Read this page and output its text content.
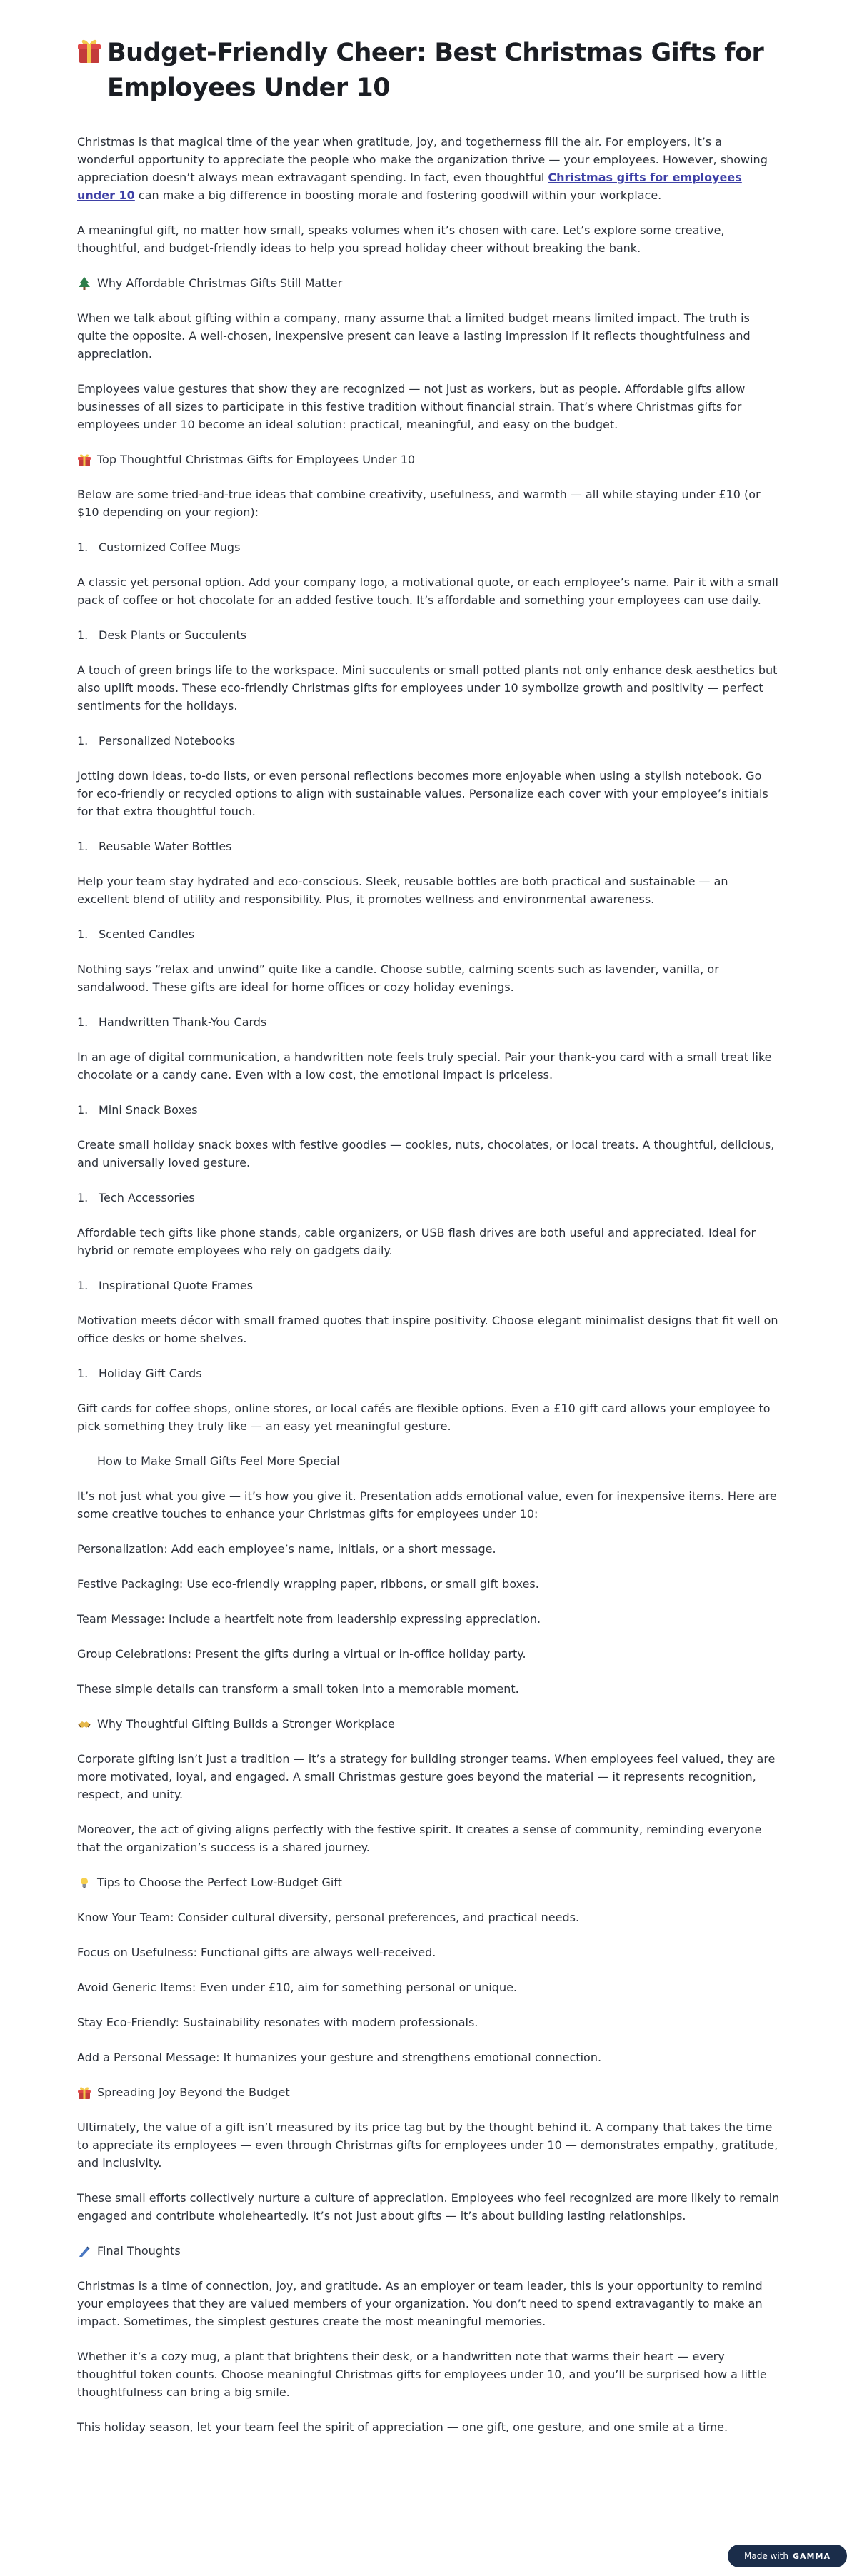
Budget-Friendly Cheer: Best Christmas Gifts for Employees Under 10

Christmas is that magical time of the year when gratitude, joy, and togetherness fill the air. For employers, it’s a wonderful opportunity to appreciate the people who make the organization thrive — your employees. However, showing appreciation doesn’t always mean extravagant spending. In fact, even thoughtful Christmas gifts for employees under 10 can make a big difference in boosting morale and fostering goodwill within your workplace.

A meaningful gift, no matter how small, speaks volumes when it’s chosen with care. Let’s explore some creative, thoughtful, and budget-friendly ideas to help you spread holiday cheer without breaking the bank.

Why Affordable Christmas Gifts Still Matter

When we talk about gifting within a company, many assume that a limited budget means limited impact. The truth is quite the opposite. A well-chosen, inexpensive present can leave a lasting impression if it reflects thoughtfulness and appreciation.

Employees value gestures that show they are recognized — not just as workers, but as people. Affordable gifts allow businesses of all sizes to participate in this festive tradition without financial strain. That’s where Christmas gifts for employees under 10 become an ideal solution: practical, meaningful, and easy on the budget.

Top Thoughtful Christmas Gifts for Employees Under 10

Below are some tried-and-true ideas that combine creativity, usefulness, and warmth — all while staying under £10 (or $10 depending on your region):

1. Customized Coffee Mugs

A classic yet personal option. Add your company logo, a motivational quote, or each employee’s name. Pair it with a small pack of coffee or hot chocolate for an added festive touch. It’s affordable and something your employees can use daily.

1. Desk Plants or Succulents

A touch of green brings life to the workspace. Mini succulents or small potted plants not only enhance desk aesthetics but also uplift moods. These eco-friendly Christmas gifts for employees under 10 symbolize growth and positivity — perfect sentiments for the holidays.

1. Personalized Notebooks

Jotting down ideas, to-do lists, or even personal reflections becomes more enjoyable when using a stylish notebook. Go for eco-friendly or recycled options to align with sustainable values. Personalize each cover with your employee’s initials for that extra thoughtful touch.

1. Reusable Water Bottles

Help your team stay hydrated and eco-conscious. Sleek, reusable bottles are both practical and sustainable — an excellent blend of utility and responsibility. Plus, it promotes wellness and environmental awareness.

1. Scented Candles

Nothing says “relax and unwind” quite like a candle. Choose subtle, calming scents such as lavender, vanilla, or sandalwood. These gifts are ideal for home offices or cozy holiday evenings.

1. Handwritten Thank-You Cards

In an age of digital communication, a handwritten note feels truly special. Pair your thank-you card with a small treat like chocolate or a candy cane. Even with a low cost, the emotional impact is priceless.

1. Mini Snack Boxes

Create small holiday snack boxes with festive goodies — cookies, nuts, chocolates, or local treats. A thoughtful, delicious, and universally loved gesture.

1. Tech Accessories

Affordable tech gifts like phone stands, cable organizers, or USB flash drives are both useful and appreciated. Ideal for hybrid or remote employees who rely on gadgets daily.

1. Inspirational Quote Frames

Motivation meets décor with small framed quotes that inspire positivity. Choose elegant minimalist designs that fit well on office desks or home shelves.

1. Holiday Gift Cards

Gift cards for coffee shops, online stores, or local cafés are flexible options. Even a £10 gift card allows your employee to pick something they truly like — an easy yet meaningful gesture.

How to Make Small Gifts Feel More Special

It’s not just what you give — it’s how you give it. Presentation adds emotional value, even for inexpensive items. Here are some creative touches to enhance your Christmas gifts for employees under 10:

Personalization: Add each employee’s name, initials, or a short message.

Festive Packaging: Use eco-friendly wrapping paper, ribbons, or small gift boxes.

Team Message: Include a heartfelt note from leadership expressing appreciation.

Group Celebrations: Present the gifts during a virtual or in-office holiday party.

These simple details can transform a small token into a memorable moment.

Why Thoughtful Gifting Builds a Stronger Workplace

Corporate gifting isn’t just a tradition — it’s a strategy for building stronger teams. When employees feel valued, they are more motivated, loyal, and engaged. A small Christmas gesture goes beyond the material — it represents recognition, respect, and unity.

Moreover, the act of giving aligns perfectly with the festive spirit. It creates a sense of community, reminding everyone that the organization’s success is a shared journey.

Tips to Choose the Perfect Low-Budget Gift

Know Your Team: Consider cultural diversity, personal preferences, and practical needs.

Focus on Usefulness: Functional gifts are always well-received.

Avoid Generic Items: Even under £10, aim for something personal or unique.

Stay Eco-Friendly: Sustainability resonates with modern professionals.

Add a Personal Message: It humanizes your gesture and strengthens emotional connection.

Spreading Joy Beyond the Budget

Ultimately, the value of a gift isn’t measured by its price tag but by the thought behind it. A company that takes the time to appreciate its employees — even through Christmas gifts for employees under 10 — demonstrates empathy, gratitude, and inclusivity.

These small efforts collectively nurture a culture of appreciation. Employees who feel recognized are more likely to remain engaged and contribute wholeheartedly. It’s not just about gifts — it’s about building lasting relationships.

Final Thoughts

Christmas is a time of connection, joy, and gratitude. As an employer or team leader, this is your opportunity to remind your employees that they are valued members of your organization. You don’t need to spend extravagantly to make an impact. Sometimes, the simplest gestures create the most meaningful memories.

Whether it’s a cozy mug, a plant that brightens their desk, or a handwritten note that warms their heart — every thoughtful token counts. Choose meaningful Christmas gifts for employees under 10, and you’ll be surprised how a little thoughtfulness can bring a big smile.

This holiday season, let your team feel the spirit of appreciation — one gift, one gesture, and one smile at a time.

Made with GAMMA
